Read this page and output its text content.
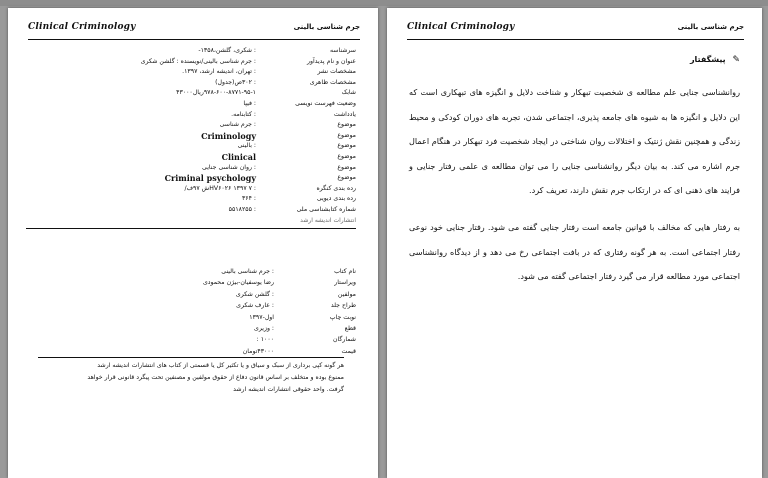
Clinical Criminology	جرم شناسی بالینی
سرشناسه
: شکری، گلشن،۱۳۵۸-
عنوان و نام پدیدآور
: جرم شناسی بالینی/نویسنده : گلشن شکری
مشخصات نشر
: تهران، اندیشه ارشد، ۱۳۹۷.
مشخصات ظاهری
: ۳۰۲ص(جدول)
شابک
۹۷۸-۶۰۰-۸۷۷۱-۹۵-۱ریال۴۳۰۰۰
وضعیت فهرست نویسی
: فیپا
یادداشت
: کتابنامه.
موضوع
: جرم شناسی
موضوع
Criminology
موضوع
: بالینی
موضوع
Clinical
موضوع
: روان شناسی جنایی
موضوع
Criminal psychology
رده بندی کنگره
: HV۶۰۲۶ ۱۳۹۷ ۷ش ۹۷ف/
رده بندی دیویی
: ۳۶۴
شماره کتابشناسی ملی
: ۵۵۱۸۲۵۵
انتشارات اندیشه ارشد
نام کتاب
: جرم شناسی بالینی
ویراستار
رضا یوسفیان-بیژن محمودی
مولفین
: گلشن شکری
طراح جلد
: عارف شکری
نوبت چاپ
اول-۱۳۹۷
قطع
: وزیری
شمارگان
۱۰۰۰ :
قیمت
۴۳۰۰۰تومان
هر گونه کپی برداری از سبک و سیاق و یا تکثیر کل یا قسمتی از کتاب های انتشارات اندیشه ارشد
ممنوع بوده و متخلف بر اساس قانون دفاع از حقوق مولفین و مصنفین تحت پیگرد قانونی قرار خواهد
گرفت. واحد حقوقی انتشارات اندیشه ارشد
Clinical Criminology	جرم شناسی بالینی
✎ پیشگفتار

روانشناسی جنایی علم مطالعه ی شخصیت تبهکار و شناخت دلایل و انگیزه های تبهکاری است که این دلایل و انگیزه ها به شیوه های جامعه پذیری، اجتماعی شدن، تجربه های دوران کودکی و محیط زندگی و همچنین نقش ژنتیک و اختلالات روان شناختی در ایجاد شخصیت فرد تبهکار در هنگام اعمال جرم اشاره می کند. به بیان دیگر روانشناسی جنایی را می توان مطالعه ی علمی رفتار جنایی و فرایند های ذهنی ای که در ارتکاب جرم نقش دارند، تعریف کرد.

به رفتار هایی که مخالف با قوانین جامعه است رفتار جنایی گفته می شود. رفتار جنایی خود نوعی رفتار اجتماعی است. به هر گونه رفتاری که در بافت اجتماعی رخ می دهد و از دیدگاه روانشناسی اجتماعی مورد مطالعه قرار می گیرد رفتار اجتماعی گفته می شود.
